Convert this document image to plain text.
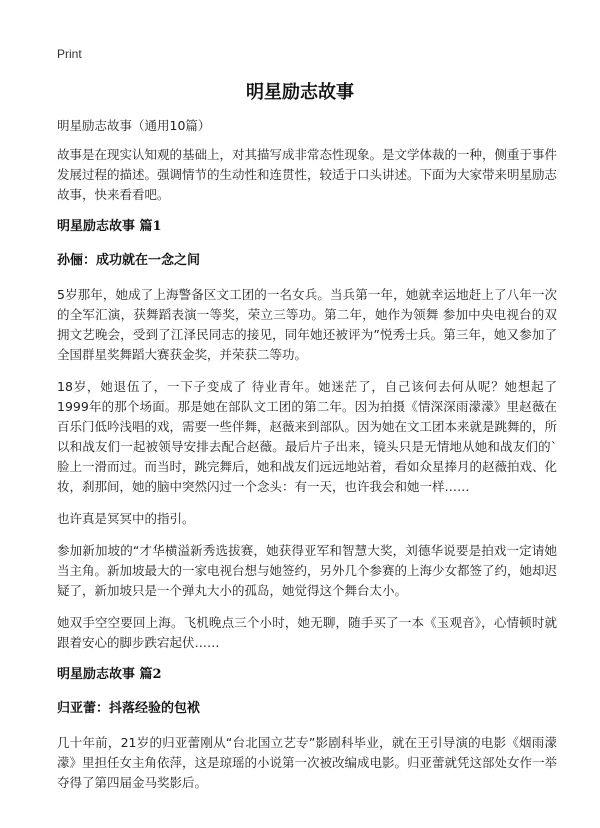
Print
明星励志故事
明星励志故事（通用10篇）

故事是在现实认知观的基础上，对其描写成非常态性现象。是文学体裁的一种，侧重于事件发展过程的描述。强调情节的生动性和连贯性，较适于口头讲述。下面为大家带来明星励志故事，快来看看吧。

明星励志故事 篇1
孙俪：成功就在一念之间

5岁那年，她成了上海警备区文工团的一名女兵。当兵第一年，她就幸运地赶上了八年一次的全军汇演，获舞蹈表演一等奖，荣立三等功。第二年，她作为领舞 参加中央电视台的双拥文艺晚会，受到了江泽民同志的接见，同年她还被评为”悦秀士兵。第三年，她又参加了全国群星奖舞蹈大赛获金奖，并荣获二等功。

18岁，她退伍了，一下子变成了 待业青年。她迷茫了，自己该何去何从呢？她想起了 1999年的那个场面。那是她在部队文工团的第二年。因为拍摄《情深深雨濛濛》里赵薇在百乐门低吟浅唱的戏，需要一些伴舞，赵薇来到部队。因为她在文工团本来就是跳舞的，所以和战友们一起被领导安排去配合赵薇。最后片子出来，镜头只是无情地从她和战友们的`脸上一滑而过。而当时，跳完舞后，她和战友们远远地站着，看如众星捧月的赵薇拍戏、化妆，刹那间，她的脑中突然闪过一个念头：有一天，也许我会和她一样……

也许真是冥冥中的指引。

参加新加坡的“才华横溢新秀选拔赛，她获得亚军和智慧大奖，刘德华说要是拍戏一定请她当主角。新加坡最大的一家电视台想与她签约，另外几个参赛的上海少女都签了约，她却迟疑了，新加坡只是一个弹丸大小的孤岛，她觉得这个舞台太小。

她双手空空要回上海。飞机晚点三个小时，她无聊，随手买了一本《玉观音》，心情顿时就跟着安心的脚步跌宕起伏……

明星励志故事 篇2
归亚蕾：抖落经验的包袱

几十年前，21岁的归亚蕾刚从“台北国立艺专”影剧科毕业，就在王引导演的电影《烟雨濛濛》里担任女主角依萍，这是琼瑶的小说第一次被改编成电影。归亚蕾就凭这部处女作一举夺得了第四届金马奖影后。
